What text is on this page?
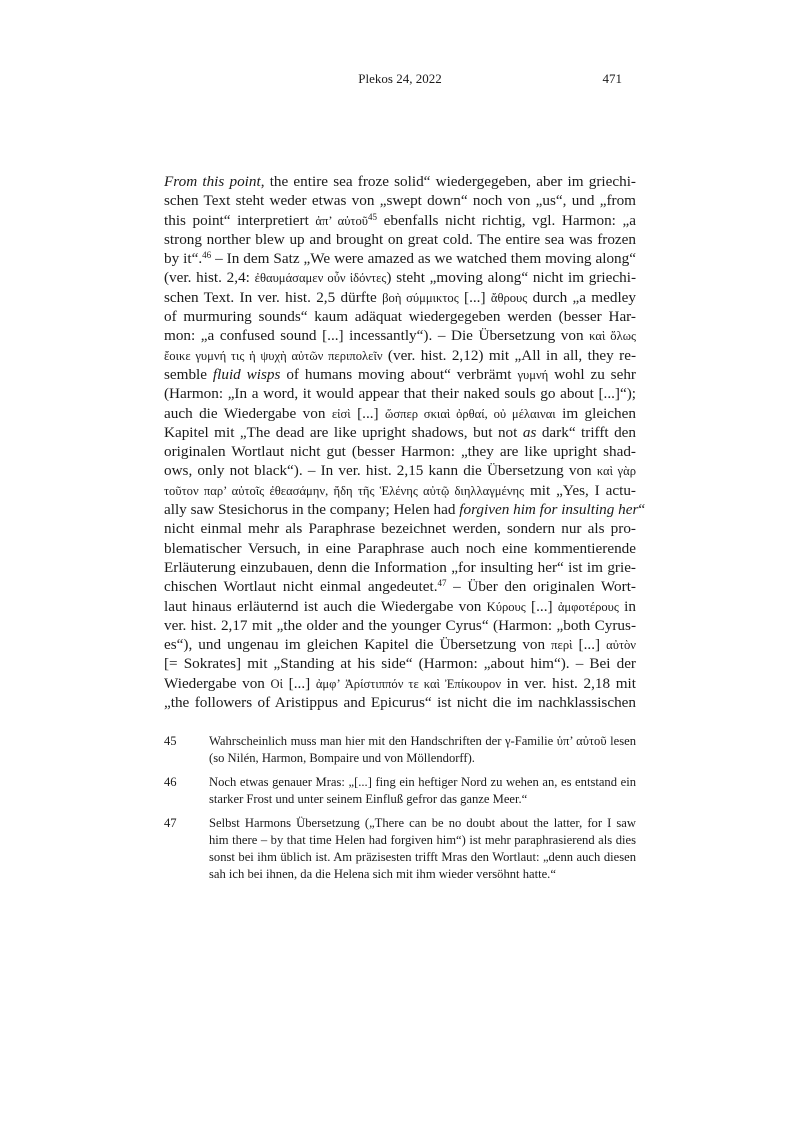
Plekos 24, 2022	471
From this point, the entire sea froze solid“ wiedergegeben, aber im griechi-
schen Text steht weder etwas von „swept down“ noch von „us“, und „from
this point“ interpretiert ἀπ’ αὐτοῦ$^{45}$ ebenfalls nicht richtig, vgl. Harmon: „a
strong norther blew up and brought on great cold. The entire sea was frozen
by it“.$^{46}$ – In dem Satz „We were amazed as we watched them moving along“
(ver. hist. 2,4: ἐθαυμάσαμεν οὖν ἰδόντες) steht „moving along“ nicht im griechi-
schen Text. In ver. hist. 2,5 dürfte βοὴ σύμμικτος [...] ἄθρους durch „a medley
of murmuring sounds“ kaum adäquat wiedergegeben werden (besser Har-
mon: „a confused sound [...] incessantly“). – Die Übersetzung von καὶ ὅλως
ἔοικε γυμνή τις ἡ ψυχὴ αὐτῶν περιπολεῖν (ver. hist. 2,12) mit „All in all, they re-
semble fluid wisps of humans moving about“ verbrämt γυμνή wohl zu sehr
(Harmon: „In a word, it would appear that their naked souls go about [...]“);
auch die Wiedergabe von εἰσὶ [...] ὥσπερ σκιαὶ ὀρθαί, οὐ μέλαιναι im gleichen
Kapitel mit „The dead are like upright shadows, but not as dark“ trifft den
originalen Wortlaut nicht gut (besser Harmon: „they are like upright shad-
ows, only not black“). – In ver. hist. 2,15 kann die Übersetzung von καὶ γὰρ
τοῦτον παρ’ αὐτοῖς ἐθεασάμην, ἤδη τῆς Ἑλένης αὐτῷ διηλλαγμένης mit „Yes, I actu-
ally saw Stesichorus in the company; Helen had forgiven him for insulting her“
nicht einmal mehr als Paraphrase bezeichnet werden, sondern nur als pro-
blematischer Versuch, in eine Paraphrase auch noch eine kommentierende
Erläuterung einzubauen, denn die Information „for insulting her“ ist im grie-
chischen Wortlaut nicht einmal angedeutet.$^{47}$ – Über den originalen Wort-
laut hinaus erläuternd ist auch die Wiedergabe von Κύρους [...] ἀμφοτέρους in
ver. hist. 2,17 mit „the older and the younger Cyrus“ (Harmon: „both Cyrus-
es“), und ungenau im gleichen Kapitel die Übersetzung von περὶ [...] αὐτὸν
[= Sokrates] mit „Standing at his side“ (Harmon: „about him“). – Bei der
Wiedergabe von Οἱ [...] ἀμφ’ Ἀρίστιππόν τε καὶ Ἐπίκουρον in ver. hist. 2,18 mit
„the followers of Aristippus and Epicurus“ ist nicht die im nachklassischen
45	Wahrscheinlich muss man hier mit den Handschriften der γ-Familie ὑπ’ αὐτοῦ lesen
(so Nilén, Harmon, Bompaire und von Möllendorff).
46	Noch etwas genauer Mras: „[...] fing ein heftiger Nord zu wehen an, es entstand ein
starker Frost und unter seinem Einfluß gefror das ganze Meer.“
47	Selbst Harmons Übersetzung („There can be no doubt about the latter, for I saw
him there – by that time Helen had forgiven him“) ist mehr paraphrasierend als dies
sonst bei ihm üblich ist. Am präzisesten trifft Mras den Wortlaut: „denn auch diesen
sah ich bei ihnen, da die Helena sich mit ihm wieder versöhnt hatte.“
